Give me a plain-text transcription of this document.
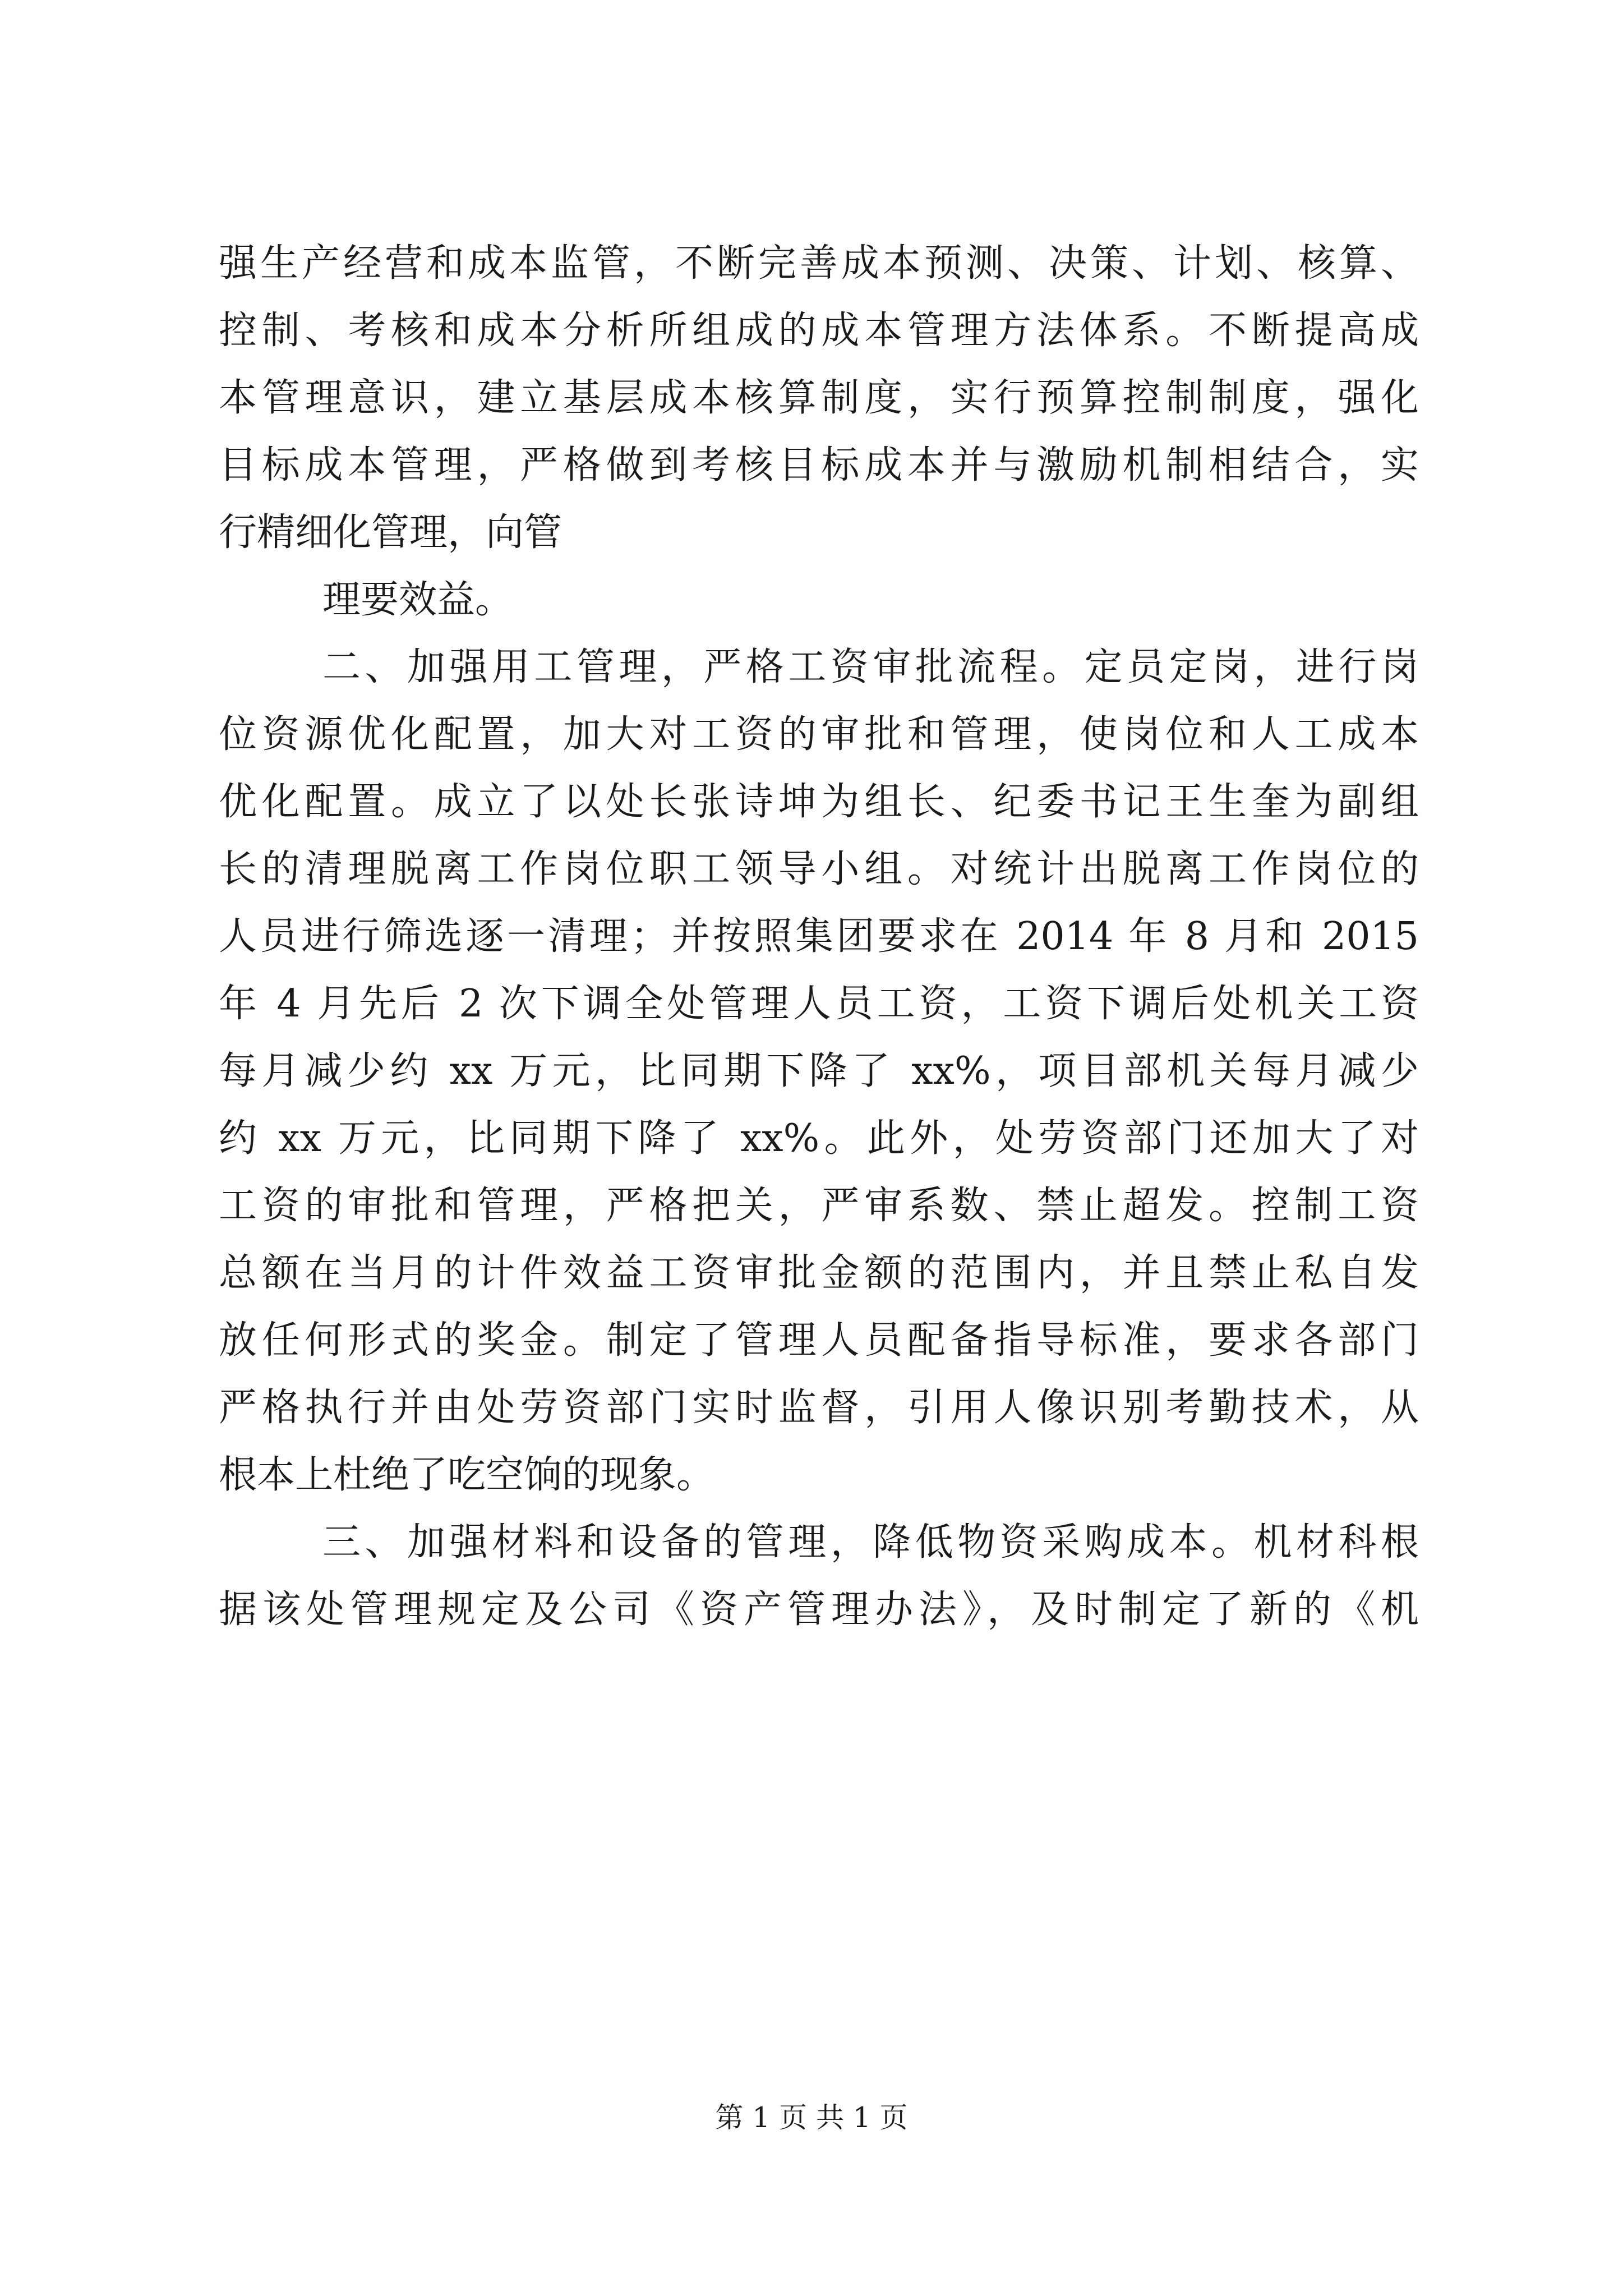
强生产经营和成本监管，不断完善成本预测、决策、计划、核算、
控制、考核和成本分析所组成的成本管理方法体系。不断提高成
本管理意识，建立基层成本核算制度，实行预算控制制度，强化
目标成本管理，严格做到考核目标成本并与激励机制相结合，实
行精细化管理，向管
理要效益。
二、加强用工管理，严格工资审批流程。定员定岗，进行岗
位资源优化配置，加大对工资的审批和管理，使岗位和人工成本
优化配置。成立了以处长张诗坤为组长、纪委书记王生奎为副组
长的清理脱离工作岗位职工领导小组。对统计出脱离工作岗位的
人员进行筛选逐一清理；并按照集团要求在 2014 年 8 月和 2015
年 4 月先后 2 次下调全处管理人员工资，工资下调后处机关工资
每月减少约 xx 万元，比同期下降了 xx%，项目部机关每月减少
约 xx 万元，比同期下降了 xx%。此外，处劳资部门还加大了对
工资的审批和管理，严格把关，严审系数、禁止超发。控制工资
总额在当月的计件效益工资审批金额的范围内，并且禁止私自发
放任何形式的奖金。制定了管理人员配备指导标准，要求各部门
严格执行并由处劳资部门实时监督，引用人像识别考勤技术，从
根本上杜绝了吃空饷的现象。
三、加强材料和设备的管理，降低物资采购成本。机材科根
据该处管理规定及公司《资产管理办法》，及时制定了新的《机
第 1 页 共 1 页
